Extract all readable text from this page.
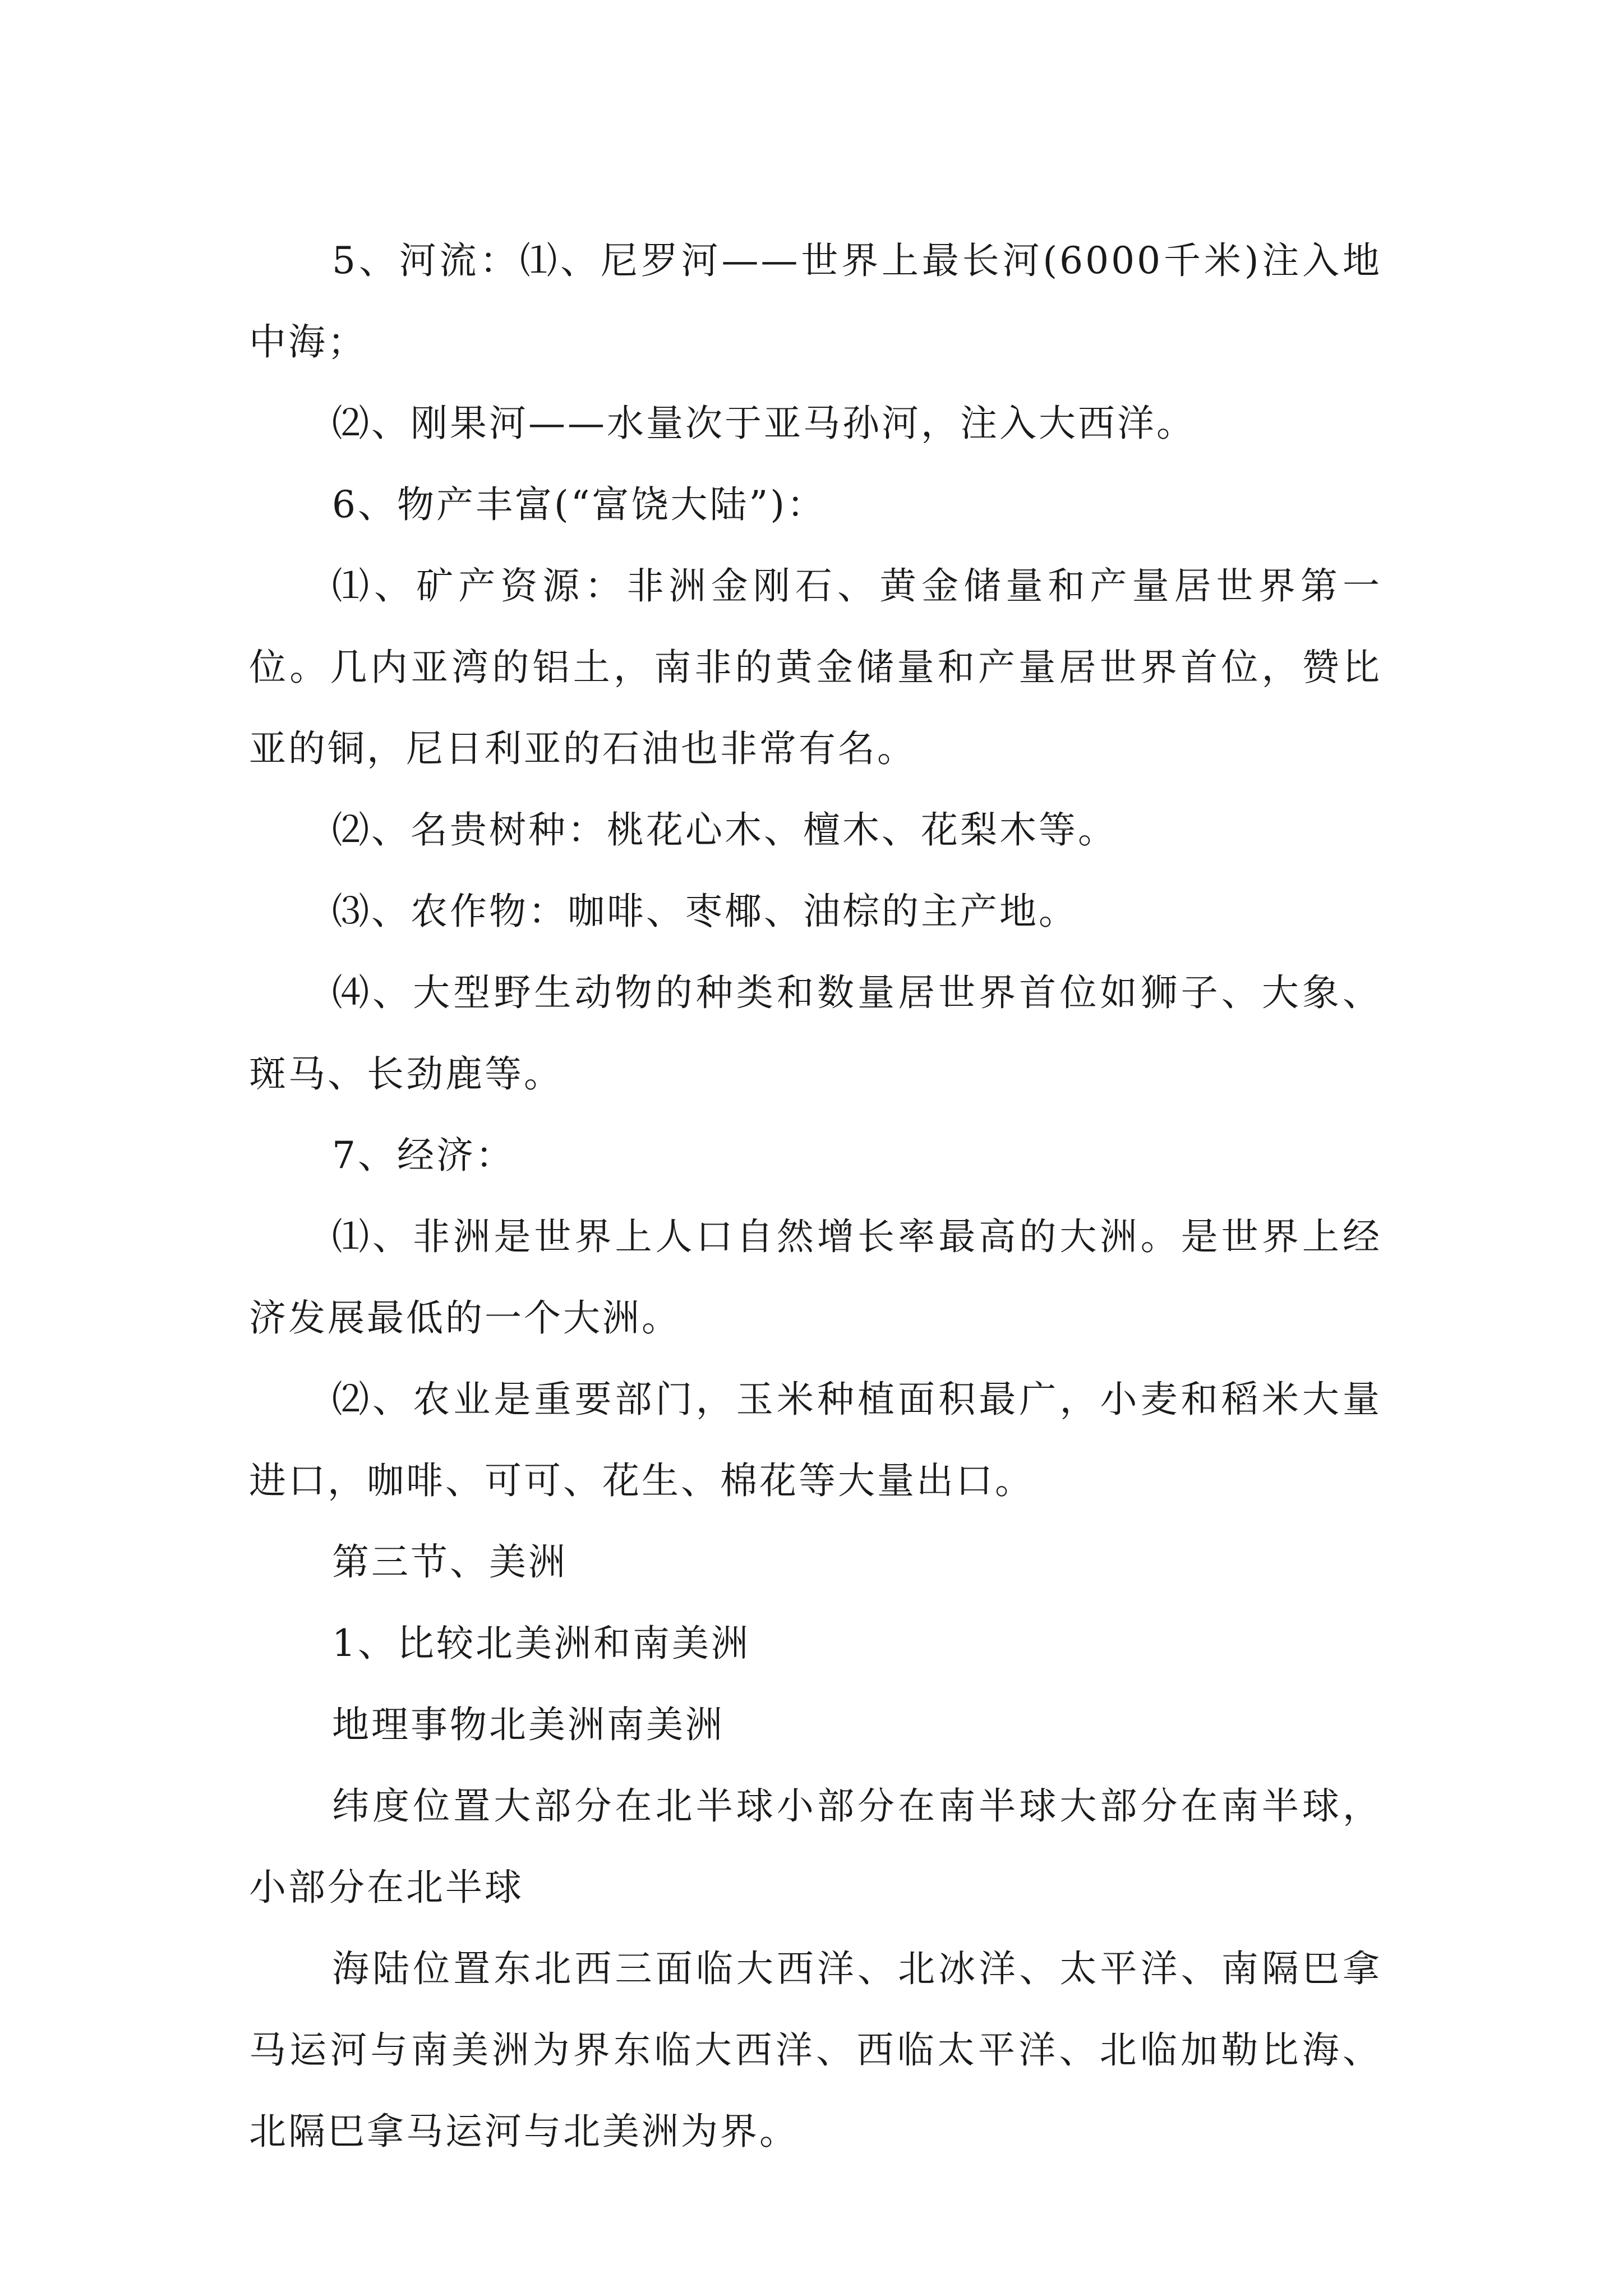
5、河流：⑴、尼罗河——世界上最长河(6000千米)注入地中海；

⑵、刚果河——水量次于亚马孙河，注入大西洋。

6、物产丰富(“富饶大陆”)：

⑴、矿产资源：非洲金刚石、黄金储量和产量居世界第一位。几内亚湾的铝土，南非的黄金储量和产量居世界首位，赞比亚的铜，尼日利亚的石油也非常有名。

⑵、名贵树种：桃花心木、檀木、花梨木等。

⑶、农作物：咖啡、枣椰、油棕的主产地。

⑷、大型野生动物的种类和数量居世界首位如狮子、大象、斑马、长劲鹿等。

7、经济：

⑴、非洲是世界上人口自然增长率最高的大洲。是世界上经济发展最低的一个大洲。

⑵、农业是重要部门，玉米种植面积最广，小麦和稻米大量进口，咖啡、可可、花生、棉花等大量出口。

第三节、美洲

1、比较北美洲和南美洲

地理事物北美洲南美洲

纬度位置大部分在北半球小部分在南半球大部分在南半球，小部分在北半球

海陆位置东北西三面临大西洋、北冰洋、太平洋、南隔巴拿马运河与南美洲为界东临大西洋、西临太平洋、北临加勒比海、北隔巴拿马运河与北美洲为界。
